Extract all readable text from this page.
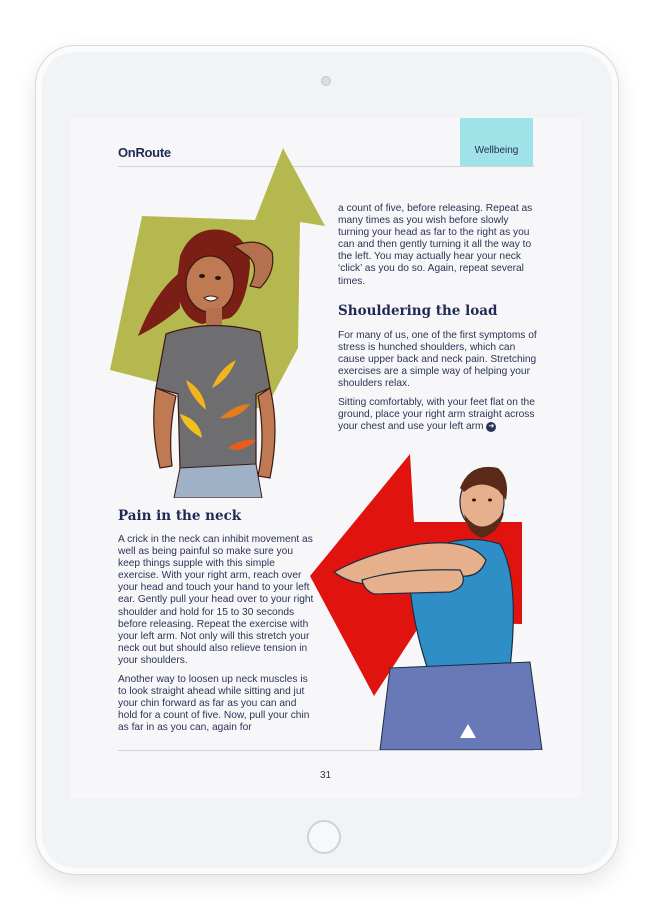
OnRoute	Wellbeing

a count of five, before releasing. Repeat as many times as you wish before slowly turning your head as far to the right as you can and then gently turning it all the way to the left. You may actually hear your neck ‘click’ as you do so. Again, repeat several times.

Shouldering the load

For many of us, one of the first symptoms of stress is hunched shoulders, which can cause upper back and neck pain. Stretching exercises are a simple way of helping your shoulders relax.

Sitting comfortably, with your feet flat on the ground, place your right arm straight across your chest and use your left arm ➜

Pain in the neck

A crick in the neck can inhibit movement as well as being painful so make sure you keep things supple with this simple exercise. With your right arm, reach over your head and touch your hand to your left ear. Gently pull your head over to your right shoulder and hold for 15 to 30 seconds before releasing. Repeat the exercise with your left arm. Not only will this stretch your neck out but should also relieve tension in your shoulders.

Another way to loosen up neck muscles is to look straight ahead while sitting and jut your chin forward as far as you can and hold for a count of five. Now, pull your chin as far in as you can, again for

31
